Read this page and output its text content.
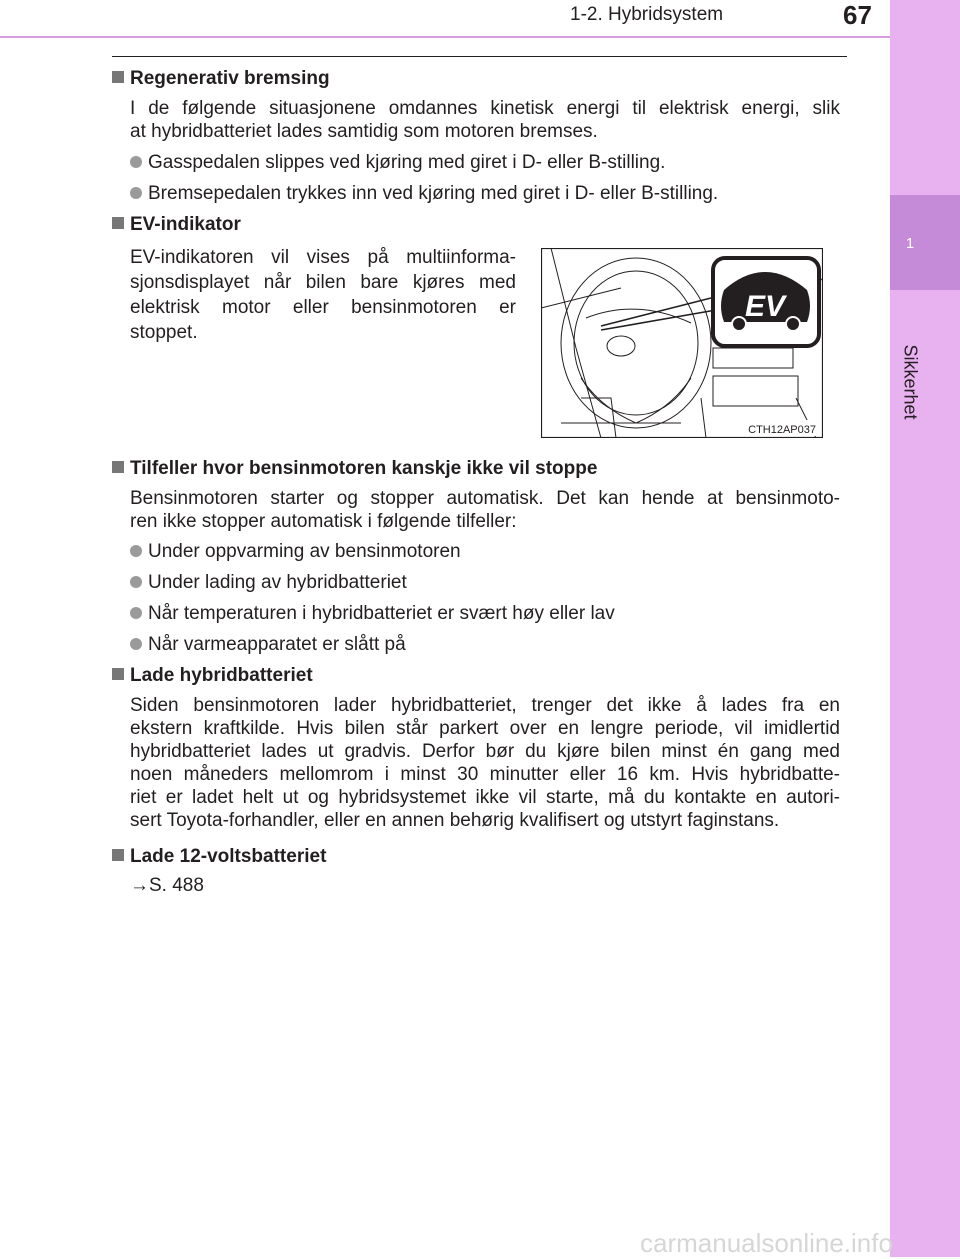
1
Sikkerhet
1-2. Hybridsystem	67
Regenerativ bremsing
I de følgende situasjonene omdannes kinetisk energi til elektrisk energi, slik
at hybridbatteriet lades samtidig som motoren bremses.
Gasspedalen slippes ved kjøring med giret i D- eller B-stilling.
Bremsepedalen trykkes inn ved kjøring med giret i D- eller B-stilling.
EV-indikator
EV-indikatoren vil vises på multiinforma-
sjonsdisplayet når bilen bare kjøres med
elektrisk motor eller bensinmotoren er
stoppet.
EV
CTH12AP037
Tilfeller hvor bensinmotoren kanskje ikke vil stoppe
Bensinmotoren starter og stopper automatisk. Det kan hende at bensinmoto-
ren ikke stopper automatisk i følgende tilfeller:
Under oppvarming av bensinmotoren
Under lading av hybridbatteriet
Når temperaturen i hybridbatteriet er svært høy eller lav
Når varmeapparatet er slått på
Lade hybridbatteriet
Siden bensinmotoren lader hybridbatteriet, trenger det ikke å lades fra en
ekstern kraftkilde. Hvis bilen står parkert over en lengre periode, vil imidlertid
hybridbatteriet lades ut gradvis. Derfor bør du kjøre bilen minst én gang med
noen måneders mellomrom i minst 30 minutter eller 16 km. Hvis hybridbatte-
riet er ladet helt ut og hybridsystemet ikke vil starte, må du kontakte en autori-
sert Toyota-forhandler, eller en annen behørig kvalifisert og utstyrt faginstans.
Lade 12-voltsbatteriet
→S. 488
carmanualsonline.info
